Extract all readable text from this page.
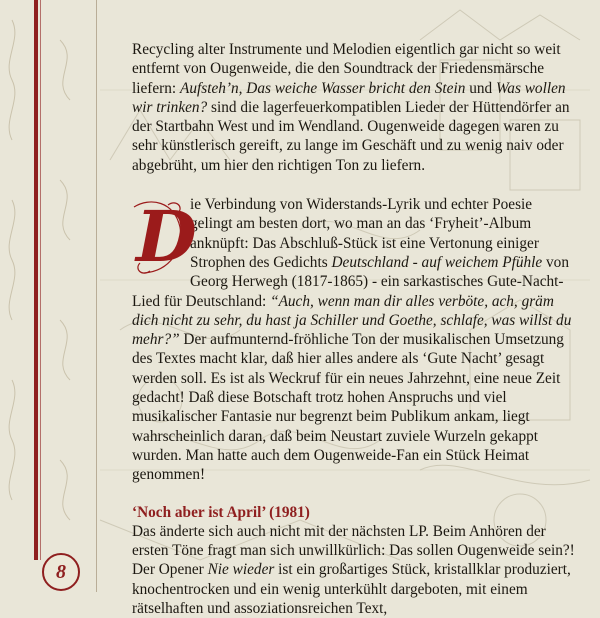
Recycling alter Instrumente und Melodien eigentlich gar nicht so weit entfernt von Ougenweide, die den Soundtrack der Friedensmärsche liefern: Aufsteh’n, Das weiche Wasser bricht den Stein und Was wollen wir trinken? sind die lagerfeuerkompatiblen Lieder der Hüttendörfer an der Startbahn West und im Wendland. Ougenweide dagegen waren zu sehr künstlerisch gereift, zu lange im Geschäft und zu wenig naiv oder abgebrüht, um hier den richtigen Ton zu liefern.

D
ie Verbindung von Widerstands-Lyrik und echter Poesie gelingt am besten dort, wo man an das ‘Fryheit’-Album anknüpft: Das Abschluß-Stück ist eine Vertonung einiger Strophen des Gedichts Deutschland - auf weichem Pfühle von Georg Herwegh (1817-1865) - ein sarkastisches Gute-Nacht-Lied für Deutschland: “Auch, wenn man dir alles verböte, ach, gräm dich nicht zu sehr, du hast ja Schiller und Goethe, schlafe, was willst du mehr?” Der aufmunternd-fröhliche Ton der musikalischen Umsetzung des Textes macht klar, daß hier alles andere als ‘Gute Nacht’ gesagt werden soll. Es ist als Weckruf für ein neues Jahrzehnt, eine neue Zeit gedacht! Daß diese Botschaft trotz hohen Anspruchs und viel musikalischer Fantasie nur begrenzt beim Publikum ankam, liegt wahrscheinlich daran, daß beim Neustart zuviele Wurzeln gekappt wurden. Man hatte auch dem Ougenweide-Fan ein Stück Heimat genommen!

‘Noch aber ist April’ (1981)

Das änderte sich auch nicht mit der nächsten LP. Beim Anhören der ersten Töne fragt man sich unwillkürlich: Das sollen Ougenweide sein?! Der Opener Nie wieder ist ein großartiges Stück, kristallklar produziert, knochentrocken und ein wenig unterkühlt dargeboten, mit einem rätselhaften und assoziationsreichen Text,

8
